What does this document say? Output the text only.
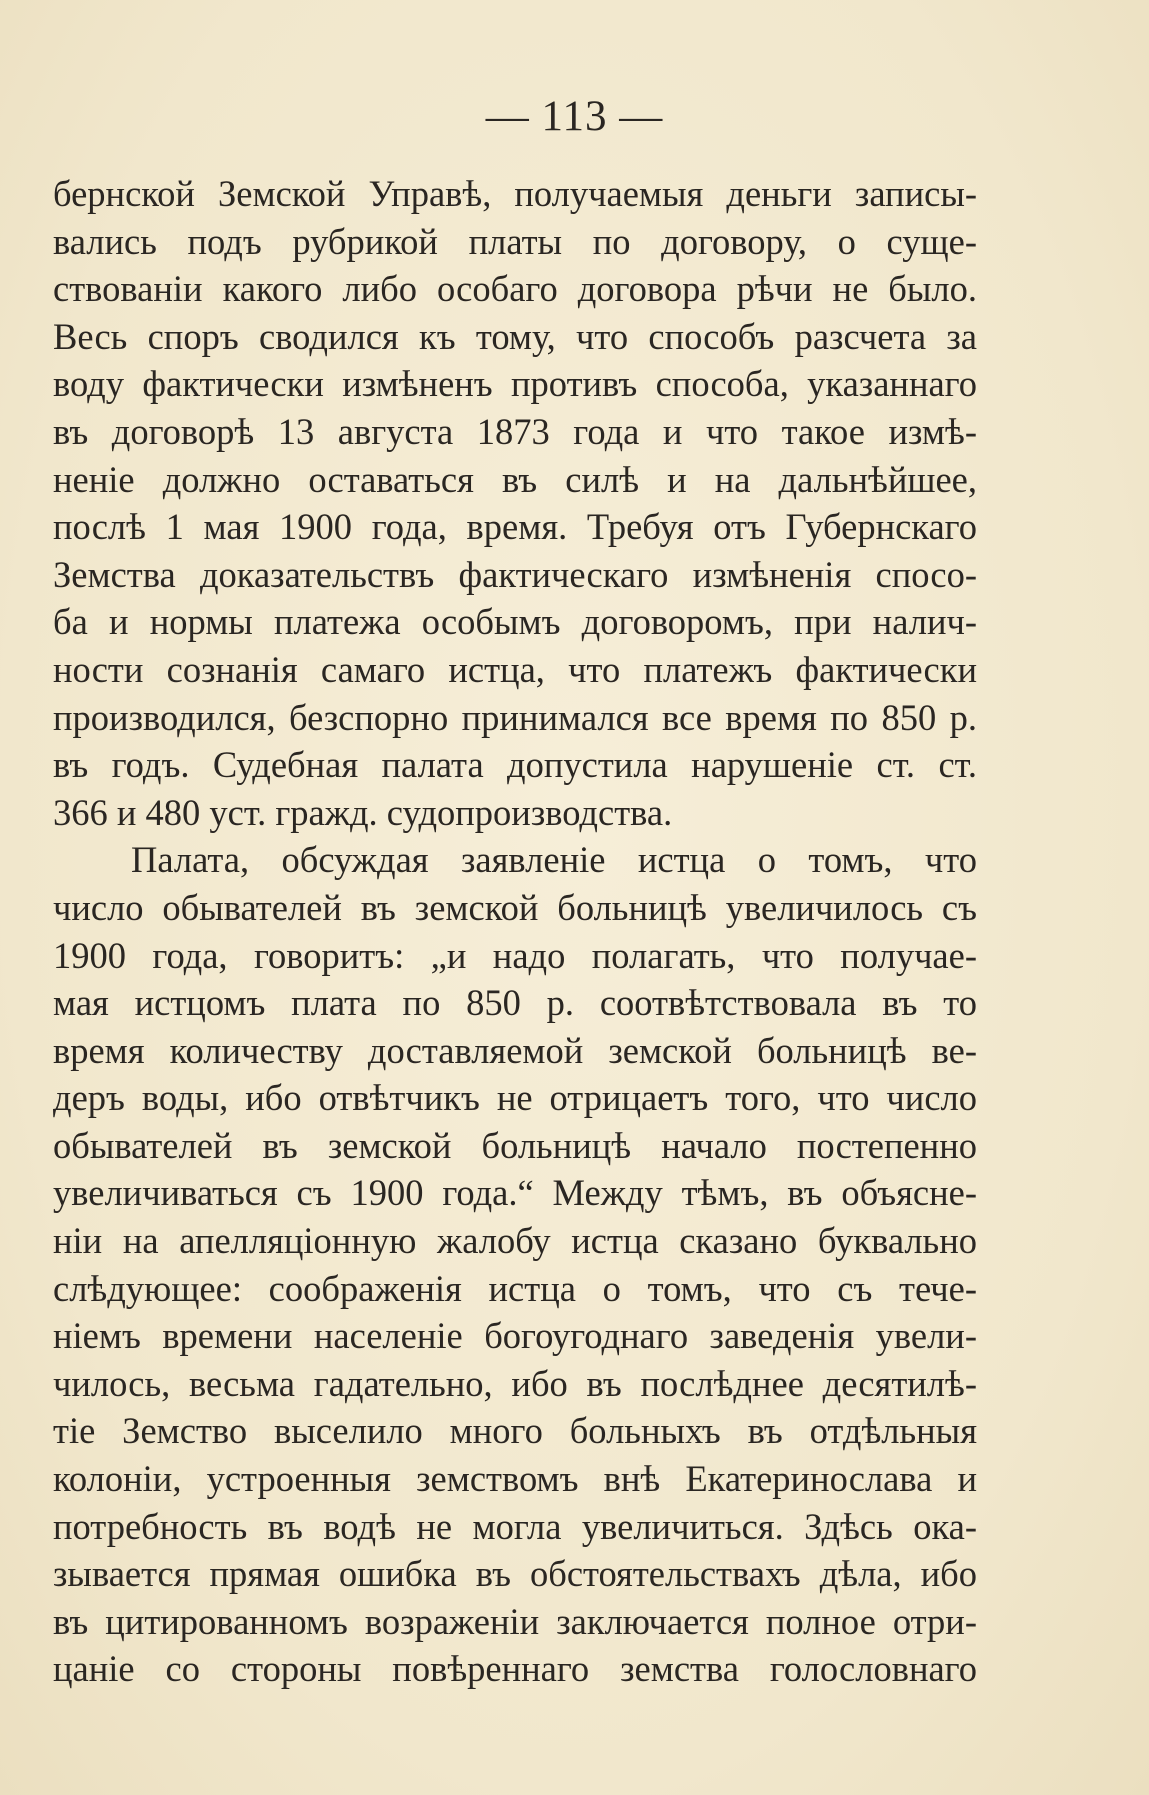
— 113 —
бернской Земской Управѣ, получаемыя деньги записы-
вались подъ рубрикой платы по договору, о суще-
ствованіи какого либо особаго договора рѣчи не было.
Весь споръ сводился къ тому, что способъ разсчета за
воду фактически измѣненъ противъ способа, указаннаго
въ договорѣ 13 августа 1873 года и что такое измѣ-
неніе должно оставаться въ силѣ и на дальнѣйшее,
послѣ 1 мая 1900 года, время. Требуя отъ Губернскаго
Земства доказательствъ фактическаго измѣненія спосо-
ба и нормы платежа особымъ договоромъ, при налич-
ности сознанія самаго истца, что платежъ фактически
производился, безспорно принимался все время по 850 р.
въ годъ. Судебная палата допустила нарушеніе ст. ст.
366 и 480 уст. гражд. судопроизводства.
Палата, обсуждая заявленіе истца о томъ, что
число обывателей въ земской больницѣ увеличилось съ
1900 года, говоритъ: „и надо полагать, что получае-
мая истцомъ плата по 850 р. соотвѣтствовала въ то
время количеству доставляемой земской больницѣ ве-
деръ воды, ибо отвѣтчикъ не отрицаетъ того, что число
обывателей въ земской больницѣ начало постепенно
увеличиваться съ 1900 года.“ Между тѣмъ, въ объясне-
ніи на апелляціонную жалобу истца сказано буквально
слѣдующее: соображенія истца о томъ, что съ тече-
ніемъ времени населеніе богоугоднаго заведенія увели-
чилось, весьма гадательно, ибо въ послѣднее десятилѣ-
тіе Земство выселило много больныхъ въ отдѣльныя
колоніи, устроенныя земствомъ внѣ Екатеринослава и
потребность въ водѣ не могла увеличиться. Здѣсь ока-
зывается прямая ошибка въ обстоятельствахъ дѣла, ибо
въ цитированномъ возраженіи заключается полное отри-
цаніе со стороны повѣреннаго земства голословнаго
